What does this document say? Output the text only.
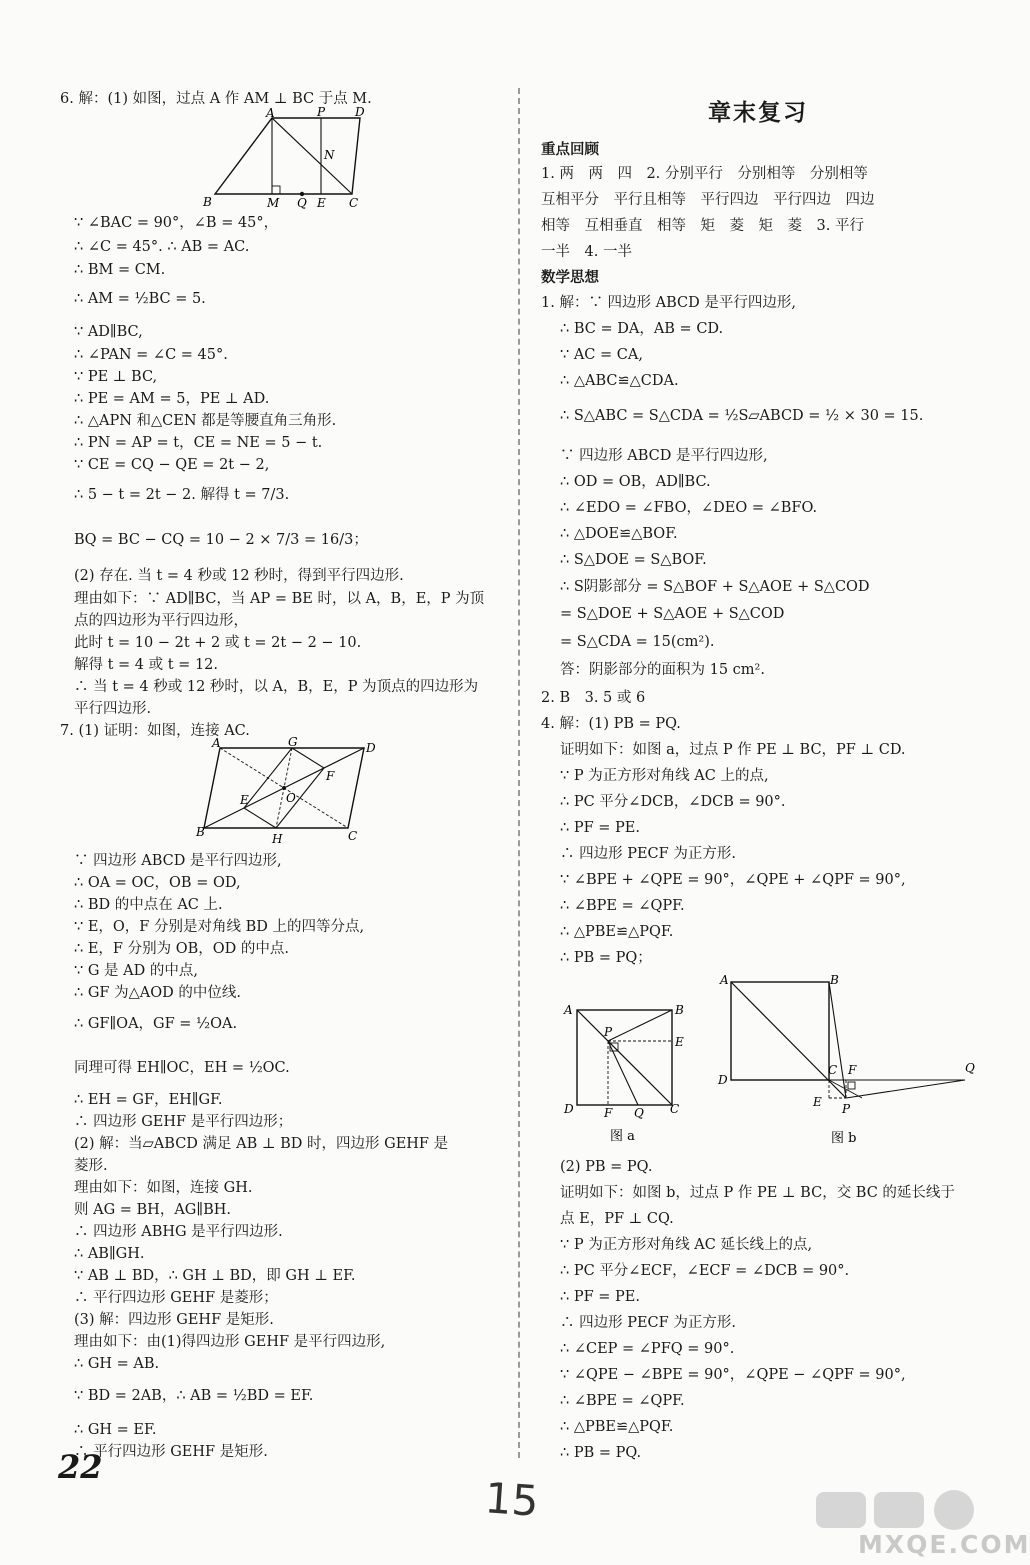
6. 解：(1) 如图，过点 A 作 AM ⊥ BC 于点 M.
A	P D
N
B	M Q E C
∵ ∠BAC = 90°，∠B = 45°，
∴ ∠C = 45°. ∴ AB = AC.
∴ BM = CM.
∴ AM = ½BC = 5.
∵ AD∥BC,
∴ ∠PAN = ∠C = 45°.
∵ PE ⊥ BC,
∴ PE = AM = 5，PE ⊥ AD.
∴ △APN 和△CEN 都是等腰直角三角形.
∴ PN = AP = t，CE = NE = 5 − t.
∵ CE = CQ − QE = 2t − 2,
∴ 5 − t = 2t − 2. 解得 t = 7/3.
BQ = BC − CQ = 10 − 2 × 7/3 = 16/3；
(2) 存在. 当 t = 4 秒或 12 秒时，得到平行四边形.
理由如下：∵ AD∥BC，当 AP = BE 时，以 A，B，E，P 为顶
点的四边形为平行四边形，
此时 t = 10 − 2t + 2 或 t = 2t − 2 − 10.
解得 t = 4 或 t = 12.
∴ 当 t = 4 秒或 12 秒时，以 A，B，E，P 为顶点的四边形为
平行四边形.
7. (1) 证明：如图，连接 AC.
A	G	D
F
O
E
B	H	C
∵ 四边形 ABCD 是平行四边形,
∴ OA = OC，OB = OD,
∴ BD 的中点在 AC 上.
∵ E，O，F 分别是对角线 BD 上的四等分点,
∴ E，F 分别为 OB，OD 的中点.
∵ G 是 AD 的中点,
∴ GF 为△AOD 的中位线.
∴ GF∥OA，GF = ½OA.
同理可得 EH∥OC，EH = ½OC.
∴ EH = GF，EH∥GF.
∴ 四边形 GEHF 是平行四边形；
(2) 解：当▱ABCD 满足 AB ⊥ BD 时，四边形 GEHF 是
菱形.
理由如下：如图，连接 GH.
则 AG = BH，AG∥BH.
∴ 四边形 ABHG 是平行四边形.
∴ AB∥GH.
∵ AB ⊥ BD，∴ GH ⊥ BD，即 GH ⊥ EF.
∴ 平行四边形 GEHF 是菱形；
(3) 解：四边形 GEHF 是矩形.
理由如下：由(1)得四边形 GEHF 是平行四边形,
∴ GH = AB.
∵ BD = 2AB，∴ AB = ½BD = EF.
∴ GH = EF.
∴ 平行四边形 GEHF 是矩形.
章末复习
重点回顾
1. 两　两　四　2. 分别平行　分别相等　分别相等
互相平分　平行且相等　平行四边　平行四边　四边
相等　互相垂直　相等　矩　菱　矩　菱　3. 平行
一半　4. 一半
数学思想
1. 解：∵ 四边形 ABCD 是平行四边形,
∴ BC = DA，AB = CD.
∵ AC = CA,
∴ △ABC≌△CDA.
∴ S△ABC = S△CDA = ½S▱ABCD = ½ × 30 = 15.
∵ 四边形 ABCD 是平行四边形,
∴ OD = OB，AD∥BC.
∴ ∠EDO = ∠FBO，∠DEO = ∠BFO.
∴ △DOE≌△BOF.
∴ S△DOE = S△BOF.
∴ S阴影部分 = S△BOF + S△AOE + S△COD
= S△DOE + S△AOE + S△COD
= S△CDA = 15(cm²).
答：阴影部分的面积为 15 cm².
2. B　3. 5 或 6
4. 解：(1) PB = PQ.
证明如下：如图 a，过点 P 作 PE ⊥ BC，PF ⊥ CD.
∵ P 为正方形对角线 AC 上的点,
∴ PC 平分∠DCB，∠DCB = 90°.
∴ PF = PE.
∴ 四边形 PECF 为正方形.
∵ ∠BPE + ∠QPE = 90°，∠QPE + ∠QPF = 90°,
∴ ∠BPE = ∠QPF.
∴ △PBE≌△PQF.
∴ PB = PQ；
A	B
P
E
D	F Q C
图 a
A	B
D
C F	Q
E P
图 b
(2) PB = PQ.
证明如下：如图 b，过点 P 作 PE ⊥ BC，交 BC 的延长线于
点 E，PF ⊥ CQ.
∵ P 为正方形对角线 AC 延长线上的点,
∴ PC 平分∠ECF，∠ECF = ∠DCB = 90°.
∴ PF = PE.
∴ 四边形 PECF 为正方形.
∴ ∠CEP = ∠PFQ = 90°.
∵ ∠QPE − ∠BPE = 90°，∠QPE − ∠QPF = 90°,
∴ ∠BPE = ∠QPF.
∴ △PBE≌△PQF.
∴ PB = PQ.
22
15
MXQE.COM
